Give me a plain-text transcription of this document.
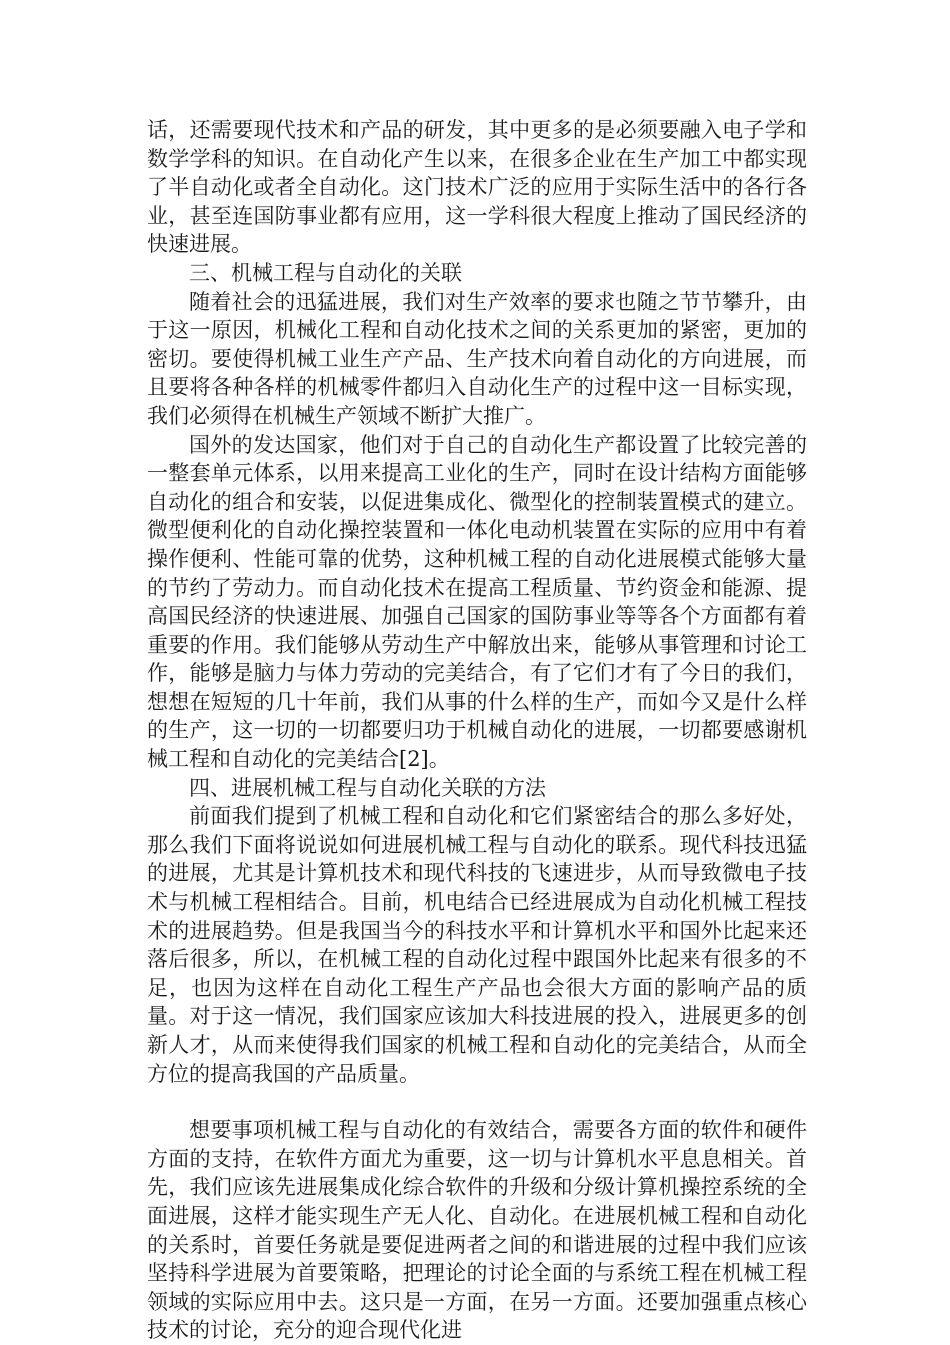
话，还需要现代技术和产品的研发，其中更多的是必须要融入电子学和数学学科的知识。在自动化产生以来，在很多企业在生产加工中都实现了半自动化或者全自动化。这门技术广泛的应用于实际生活中的各行各业，甚至连国防事业都有应用，这一学科很大程度上推动了国民经济的快速进展。

三、机械工程与自动化的关联

随着社会的迅猛进展，我们对生产效率的要求也随之节节攀升，由于这一原因，机械化工程和自动化技术之间的关系更加的紧密，更加的密切。要使得机械工业生产产品、生产技术向着自动化的方向进展，而且要将各种各样的机械零件都归入自动化生产的过程中这一目标实现，我们必须得在机械生产领域不断扩大推广。

国外的发达国家，他们对于自己的自动化生产都设置了比较完善的一整套单元体系，以用来提高工业化的生产，同时在设计结构方面能够自动化的组合和安装，以促进集成化、微型化的控制装置模式的建立。微型便利化的自动化操控装置和一体化电动机装置在实际的应用中有着操作便利、性能可靠的优势，这种机械工程的自动化进展模式能够大量的节约了劳动力。而自动化技术在提高工程质量、节约资金和能源、提高国民经济的快速进展、加强自己国家的国防事业等等各个方面都有着重要的作用。我们能够从劳动生产中解放出来，能够从事管理和讨论工作，能够是脑力与体力劳动的完美结合，有了它们才有了今日的我们，想想在短短的几十年前，我们从事的什么样的生产，而如今又是什么样的生产，这一切的一切都要归功于机械自动化的进展，一切都要感谢机械工程和自动化的完美结合[2]。

四、进展机械工程与自动化关联的方法

前面我们提到了机械工程和自动化和它们紧密结合的那么多好处，那么我们下面将说说如何进展机械工程与自动化的联系。现代科技迅猛的进展，尤其是计算机技术和现代科技的飞速进步，从而导致微电子技术与机械工程相结合。目前，机电结合已经进展成为自动化机械工程技术的进展趋势。但是我国当今的科技水平和计算机水平和国外比起来还落后很多，所以，在机械工程的自动化过程中跟国外比起来有很多的不足，也因为这样在自动化工程生产产品也会很大方面的影响产品的质量。对于这一情况，我们国家应该加大科技进展的投入，进展更多的创新人才，从而来使得我们国家的机械工程和自动化的完美结合，从而全方位的提高我国的产品质量。

想要事项机械工程与自动化的有效结合，需要各方面的软件和硬件方面的支持，在软件方面尤为重要，这一切与计算机水平息息相关。首先，我们应该先进展集成化综合软件的升级和分级计算机操控系统的全面进展，这样才能实现生产无人化、自动化。在进展机械工程和自动化的关系时，首要任务就是要促进两者之间的和谐进展的过程中我们应该坚持科学进展为首要策略，把理论的讨论全面的与系统工程在机械工程领域的实际应用中去。这只是一方面，在另一方面。还要加强重点核心技术的讨论，充分的迎合现代化进
